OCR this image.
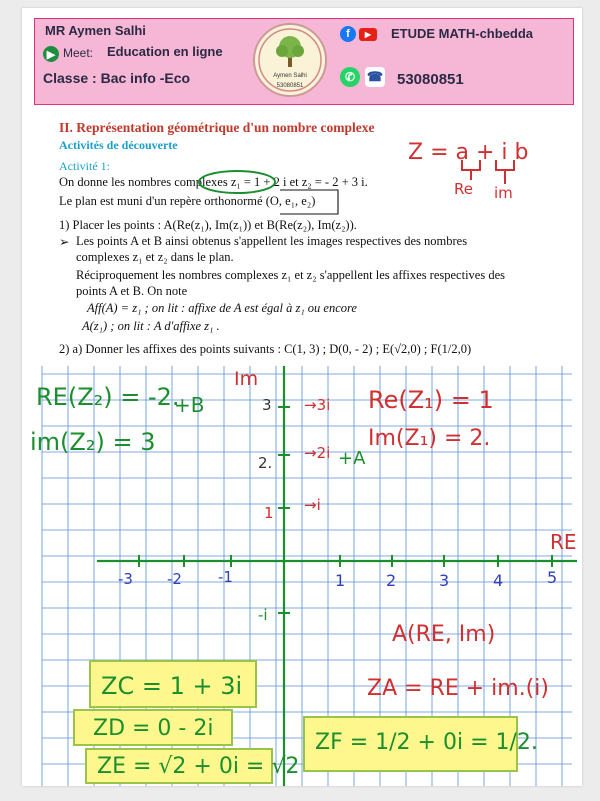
MR Aymen Salhi
▶ Meet: Education en ligne
Classe : Bac info -Eco	Aymen Salhi
53080851
f	▶	ETUDE MATH-chbedda
✆ ☎ 53080851
II. Représentation géométrique d'un nombre complexe
Activités de découverte
Activité 1:
On donne les nombres complexes z₁ = 1 + 2 i et z₂ = - 2 + 3 i.
Le plan est muni d'un repère orthonormé (O, e₁, e₂)
1) Placer les points : A(Re(z₁), Im(z₁)) et B(Re(z₂), Im(z₂)).
➢ Les points A et B ainsi obtenus s'appellent les images respectives des nombres
complexes z₁ et z₂ dans le plan.
Réciproquement les nombres complexes z₁ et z₂ s'appellent les affixes respectives des
points A et B. On note
Aff(A) = z₁ ; on lit : affixe de A est égal à z₁ ou encore
A(z₁) ; on lit : A d'affixe z₁ .
2) a) Donner les affixes des points suivants : C(1, 3) ; D(0, - 2) ; E(√2,0) ; F(1/2,0)
Z = a + i b
Re im
RE(Z₂) = -2.
+B
im(Z₂) = 3
Re(Z₁) = 1
Im(Z₁) = 2.
Im
RE
3
2.
1
-i
→3i
→2i +A
→i
-3 -2 -1	1	2	3	4	5
A(RE, Im)
ZA = RE + im.(i)
ZC = 1 + 3i
ZD = 0 - 2i
ZE = √2 + 0i = √2
ZF = 1/2 + 0i = 1/2.
